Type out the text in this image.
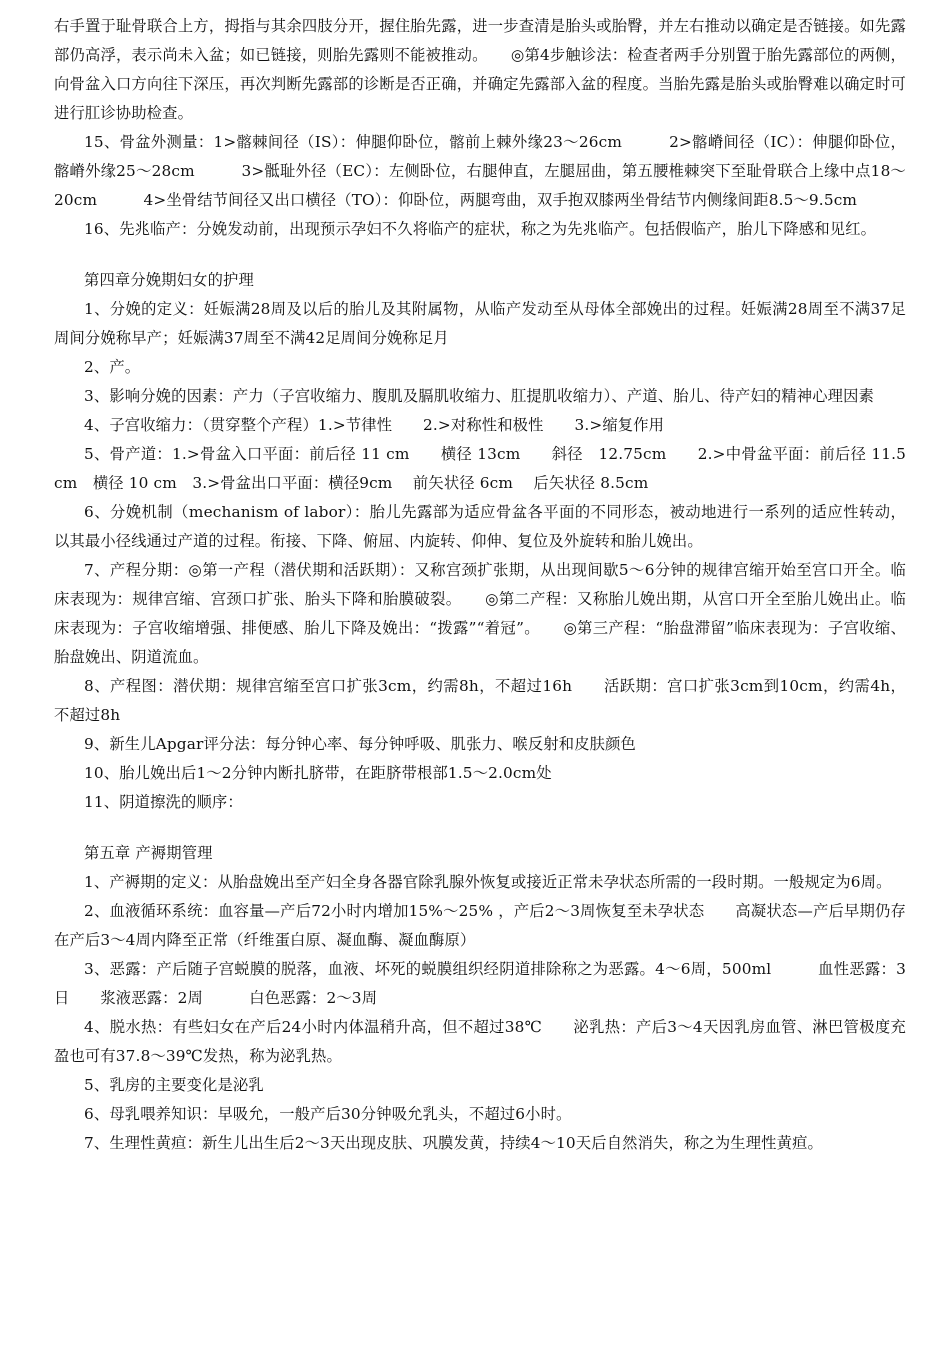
右手置于耻骨联合上方，拇指与其余四肢分开，握住胎先露，进一步查清是胎头或胎臀，并左右推动以确定是否链接。如先露部仍高浮，表示尚未入盆；如已链接，则胎先露则不能被推动。　　◎第4步触诊法：检查者两手分别置于胎先露部位的两侧，向骨盆入口方向往下深压，再次判断先露部的诊断是否正确，并确定先露部入盆的程度。当胎先露是胎头或胎臀难以确定时可进行肛诊协助检查。

15、骨盆外测量：1>髂棘间径（IS）：伸腿仰卧位，髂前上棘外缘23～26cm　　　2>髂嵴间径（IC）：伸腿仰卧位，髂嵴外缘25～28cm　　　3>骶耻外径（EC）：左侧卧位，右腿伸直，左腿屈曲，第五腰椎棘突下至耻骨联合上缘中点18～20cm　　　4>坐骨结节间径又出口横径（TO）：仰卧位，两腿弯曲，双手抱双膝两坐骨结节内侧缘间距8.5～9.5cm

16、先兆临产：分娩发动前，出现预示孕妇不久将临产的症状，称之为先兆临产。包括假临产，胎儿下降感和见红。

第四章分娩期妇女的护理

1、分娩的定义：妊娠满28周及以后的胎儿及其附属物，从临产发动至从母体全部娩出的过程。妊娠满28周至不满37足周间分娩称早产；妊娠满37周至不满42足周间分娩称足月

2、产。

3、影响分娩的因素：产力（子宫收缩力、腹肌及膈肌收缩力、肛提肌收缩力）、产道、胎儿、待产妇的精神心理因素

4、子宫收缩力：（贯穿整个产程）1.>节律性　　2.>对称性和极性　　3.>缩复作用

5、骨产道：1.>骨盆入口平面：前后径 11 cm　　横径 13cm　　斜径　12.75cm　　2.>中骨盆平面：前后径 11.5 cm　横径 10 cm　3.>骨盆出口平面：横径9cm　 前矢状径 6cm　 后矢状径 8.5cm

6、分娩机制（mechanism of labor）：胎儿先露部为适应骨盆各平面的不同形态，被动地进行一系列的适应性转动，以其最小径线通过产道的过程。衔接、下降、俯屈、内旋转、仰伸、复位及外旋转和胎儿娩出。

7、产程分期：◎第一产程（潜伏期和活跃期）：又称宫颈扩张期，从出现间歇5～6分钟的规律宫缩开始至宫口开全。临床表现为：规律宫缩、宫颈口扩张、胎头下降和胎膜破裂。　　◎第二产程：又称胎儿娩出期，从宫口开全至胎儿娩出止。临床表现为：子宫收缩增强、排便感、胎儿下降及娩出：“拨露”“着冠”。　　◎第三产程：“胎盘滞留”临床表现为：子宫收缩、胎盘娩出、阴道流血。

8、产程图：潜伏期：规律宫缩至宫口扩张3cm，约需8h，不超过16h　　活跃期：宫口扩张3cm到10cm，约需4h，不超过8h

9、新生儿Apgar评分法：每分钟心率、每分钟呼吸、肌张力、喉反射和皮肤颜色

10、胎儿娩出后1～2分钟内断扎脐带，在距脐带根部1.5～2.0cm处

11、阴道擦洗的顺序：

第五章 产褥期管理

1、产褥期的定义：从胎盘娩出至产妇全身各器官除乳腺外恢复或接近正常未孕状态所需的一段时期。一般规定为6周。

2、血液循环系统：血容量—产后72小时内增加15%～25% ，产后2～3周恢复至未孕状态　　高凝状态—产后早期仍存在产后3～4周内降至正常（纤维蛋白原、凝血酶、凝血酶原）

3、恶露：产后随子宫蜕膜的脱落，血液、坏死的蜕膜组织经阴道排除称之为恶露。4～6周，500ml　　　血性恶露：3日　　浆液恶露：2周　　　白色恶露：2～3周

4、脱水热：有些妇女在产后24小时内体温稍升高，但不超过38℃　　泌乳热：产后3～4天因乳房血管、淋巴管极度充盈也可有37.8～39℃发热，称为泌乳热。

5、乳房的主要变化是泌乳

6、母乳喂养知识：早吸允，一般产后30分钟吸允乳头，不超过6小时。

7、生理性黄疸：新生儿出生后2～3天出现皮肤、巩膜发黄，持续4～10天后自然消失，称之为生理性黄疸。
